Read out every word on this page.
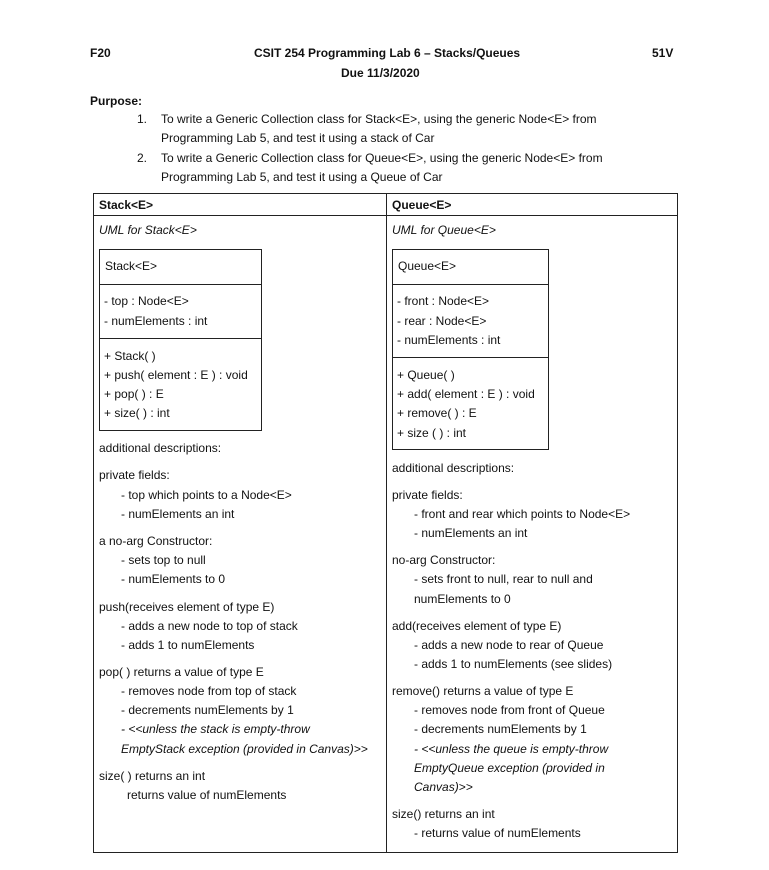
F20	CSIT 254 Programming Lab 6 – Stacks/Queues
Due 11/3/2020
51V
Purpose:
1. To write a Generic Collection class for Stack<E>, using the generic Node<E> from
Programming Lab 5, and test it using a stack of Car
2. To write a Generic Collection class for Queue<E>, using the generic Node<E> from
Programming Lab 5, and test it using a Queue of Car
Stack<E>
UML for Stack<E>
Stack<E>
- top : Node<E>
- numElements : int
+ Stack( )
+ push( element : E ) : void
+ pop( ) : E
+ size( ) : int
additional descriptions:
private fields:
- top which points to a Node<E>
- numElements an int
a no-arg Constructor:
- sets top to null
- numElements to 0
push(receives element of type E)
- adds a new node to top of stack
- adds 1 to numElements
pop( ) returns a value of type E
- removes node from top of stack
- decrements numElements by 1
- <<unless the stack is empty-throw
EmptyStack exception (provided in Canvas)>>
size( ) returns an int
returns value of numElements
Queue<E>
UML for Queue<E>
Queue<E>
- front : Node<E>
- rear : Node<E>
- numElements : int
+ Queue( )
+ add( element : E ) : void
+ remove( ) : E
+ size ( ) : int
additional descriptions:
private fields:
- front and rear which points to Node<E>
- numElements an int
no-arg Constructor:
- sets front to null, rear to null and
numElements to 0
add(receives element of type E)
- adds a new node to rear of Queue
- adds 1 to numElements (see slides)
remove() returns a value of type E
- removes node from front of Queue
- decrements numElements by 1
- <<unless the queue is empty-throw
EmptyQueue exception (provided in
Canvas)>>
size() returns an int
- returns value of numElements
